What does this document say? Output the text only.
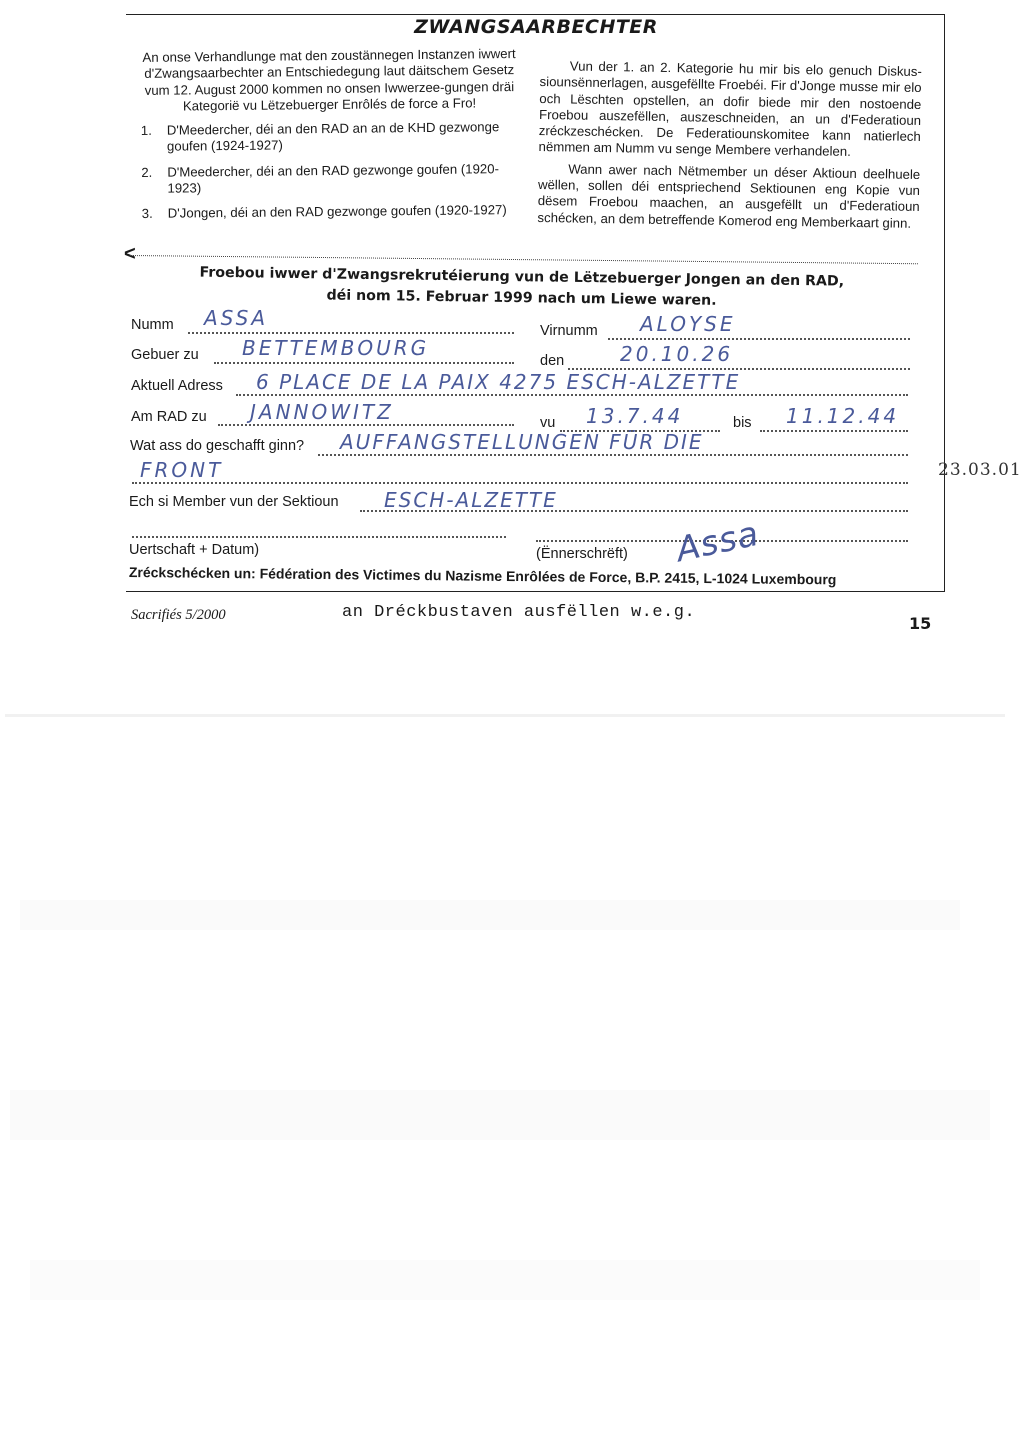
ZWANGSAARBECHTER
An onse Verhandlunge mat den zoustännegen Instanzen iwwert d'Zwangsaarbechter an Entschiedegung laut däitschem Gesetz vum 12. August 2000 kommen no onsen Iwwerzee-gungen dräi Kategorië vu Lëtzebuerger Enrôlés de force a Fro!
1. D'Meedercher, déi an den RAD an an de KHD gezwonge goufen (1924-1927)
2. D'Meedercher, déi an den RAD gezwonge goufen (1920-1923)
3. D'Jongen, déi an den RAD gezwonge goufen (1920-1927)

Vun der 1. an 2. Kategorie hu mir bis elo genuch Diskus-siounsënnerlagen, ausgefëllte Froebéi. Fir d'Jonge musse mir elo och Lëschten opstellen, an dofir biede mir den nostoende Froebou auszefëllen, auszeschneiden, an un d'Federatioun zréckzeschécken. De Federatiounskomitee kann natierlech nëmmen am Numm vu senge Membere verhandelen.

Wann awer nach Nëtmember un déser Aktioun deelhuele wëllen, sollen déi entspriechend Sektiounen eng Kopie vun dësem Froebou maachen, an ausgefëllt un d'Federatioun schécken, an dem betreffende Komerod eng Memberkaart ginn.

<
Froebou iwwer d'Zwangsrekrutéierung vun de Lëtzebuerger Jongen an den RAD,
déi nom 15. Februar 1999 nach um Liewe waren.
Numm ASSA
Virnumm ALOYSE
Gebuer zu BETTEMBOURG
den	20.10.26
Aktuell Adress 6 PLACE DE LA PAIX 4275 ESCH-ALZETTE
Am RAD zu JANNOWITZ	vu 13.7.44	bis 11.12.44
Wat ass do geschafft ginn? AUFFANGSTELLUNGEN FÜR DIE
FRONT
Ech si Member vun der Sektioun ESCH-ALZETTE
Uertschaft + Datum)	(Ënnerschrëft) Assa
Zréckschécken un: Fédération des Victimes du Nazisme Enrôlées de Force, B.P. 2415, L-1024 Luxembourg
23.03.01
Sacrifiés 5/2000	an Dréckbustaven ausfëllen w.e.g.
15
